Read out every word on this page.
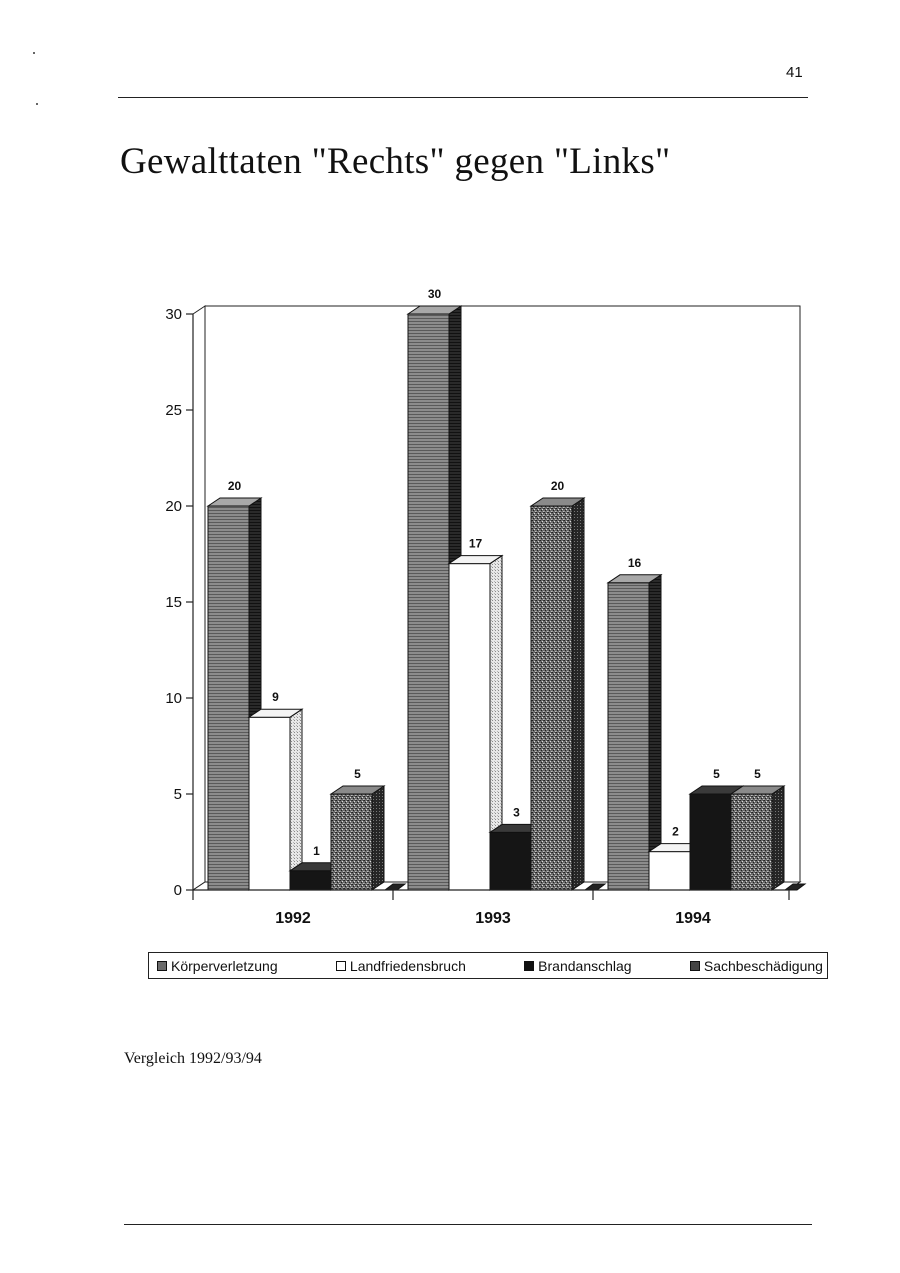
41
Gewalttaten "Rechts" gegen "Links"
0
5
10
15
20
25
30
20
30
16
9
17
2
1
3
5
5
20
5
1992	1993	1994
Körperverletzung	Landfriedensbruch	Brandanschlag	Sachbeschädigung
Vergleich 1992/93/94
